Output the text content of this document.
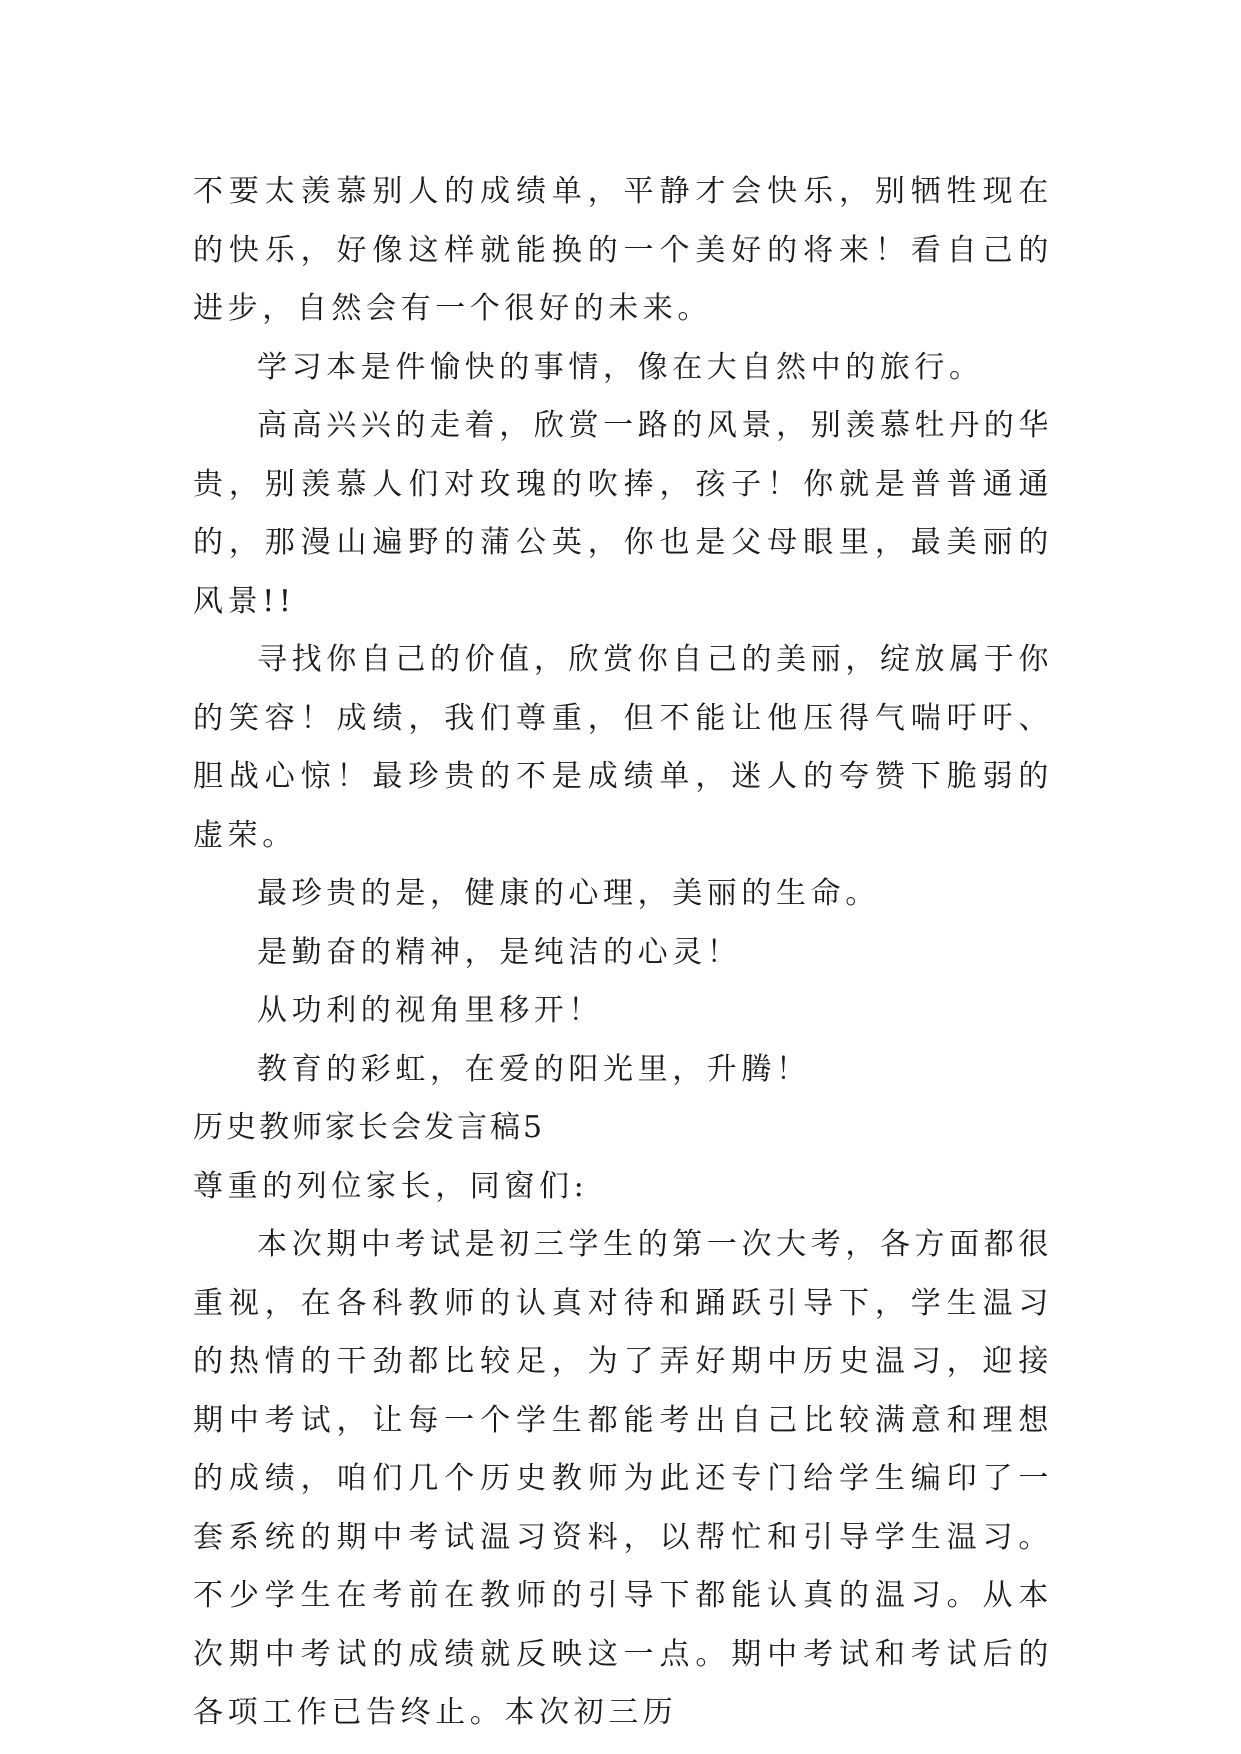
不要太羡慕别人的成绩单，平静才会快乐，别牺牲现在的快乐，好像这样就能换的一个美好的将来！看自己的进步，自然会有一个很好的未来。

学习本是件愉快的事情，像在大自然中的旅行。

高高兴兴的走着，欣赏一路的风景，别羡慕牡丹的华贵，别羡慕人们对玫瑰的吹捧，孩子！你就是普普通通的，那漫山遍野的蒲公英，你也是父母眼里，最美丽的风景!!

寻找你自己的价值，欣赏你自己的美丽，绽放属于你的笑容！成绩，我们尊重，但不能让他压得气喘吁吁、胆战心惊！最珍贵的不是成绩单，迷人的夸赞下脆弱的虚荣。

最珍贵的是，健康的心理，美丽的生命。

是勤奋的精神，是纯洁的心灵！

从功利的视角里移开！

教育的彩虹，在爱的阳光里，升腾！

历史教师家长会发言稿5

尊重的列位家长，同窗们:

本次期中考试是初三学生的第一次大考，各方面都很重视，在各科教师的认真对待和踊跃引导下，学生温习的热情的干劲都比较足，为了弄好期中历史温习，迎接期中考试，让每一个学生都能考出自己比较满意和理想的成绩，咱们几个历史教师为此还专门给学生编印了一套系统的期中考试温习资料，以帮忙和引导学生温习。不少学生在考前在教师的引导下都能认真的温习。从本次期中考试的成绩就反映这一点。期中考试和考试后的各项工作已告终止。本次初三历
